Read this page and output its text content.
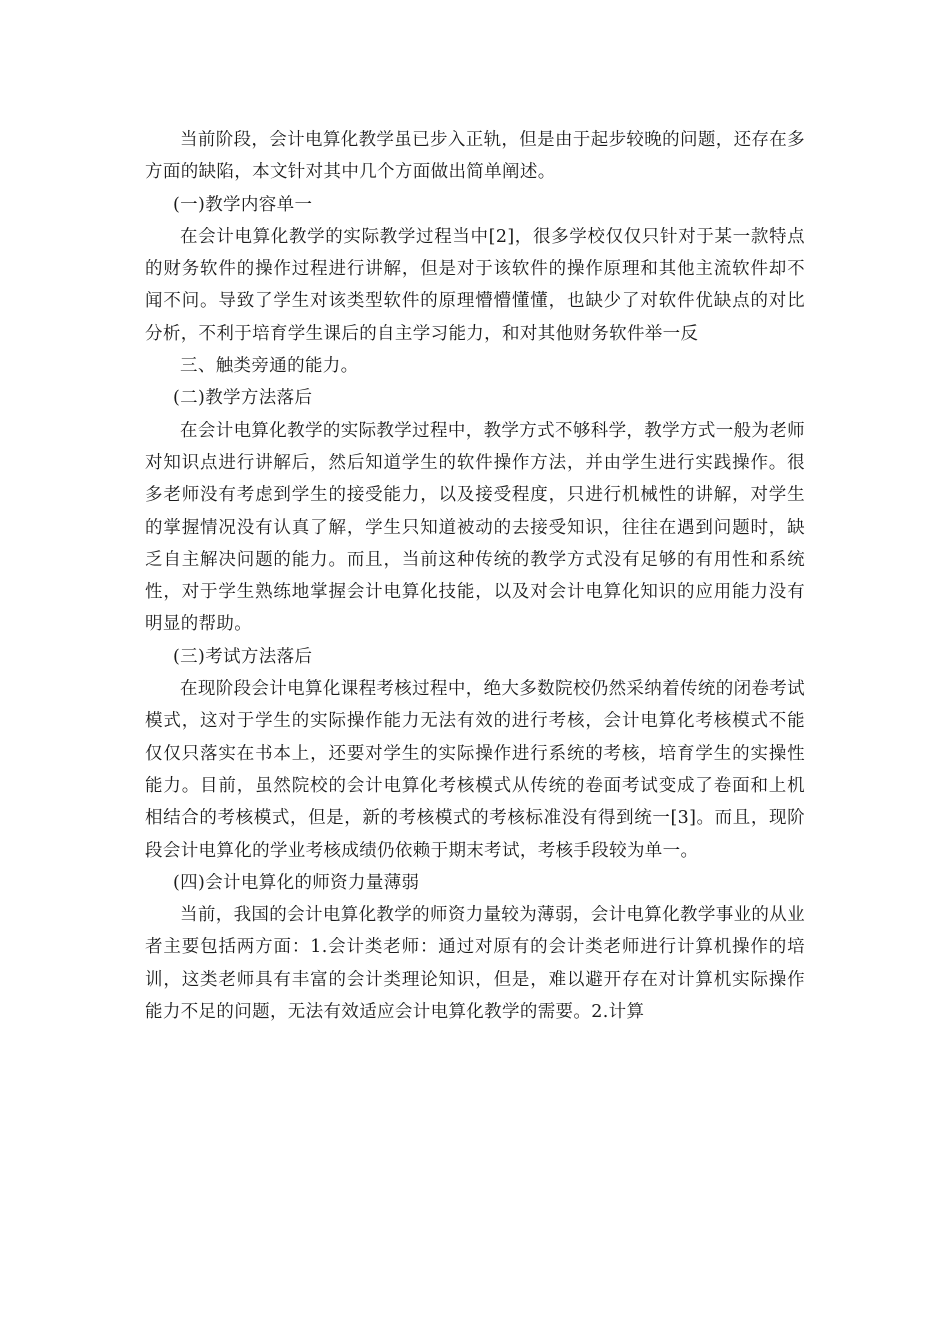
当前阶段，会计电算化教学虽已步入正轨，但是由于起步较晚的问题，还存在多方面的缺陷，本文针对其中几个方面做出简单阐述。

(一)教学内容单一

在会计电算化教学的实际教学过程当中[2]，很多学校仅仅只针对于某一款特点的财务软件的操作过程进行讲解，但是对于该软件的操作原理和其他主流软件却不闻不问。导致了学生对该类型软件的原理懵懵懂懂，也缺少了对软件优缺点的对比分析，不利于培育学生课后的自主学习能力，和对其他财务软件举一反

三、触类旁通的能力。

(二)教学方法落后

在会计电算化教学的实际教学过程中，教学方式不够科学，教学方式一般为老师对知识点进行讲解后，然后知道学生的软件操作方法，并由学生进行实践操作。很多老师没有考虑到学生的接受能力，以及接受程度，只进行机械性的讲解，对学生的掌握情况没有认真了解，学生只知道被动的去接受知识，往往在遇到问题时，缺乏自主解决问题的能力。而且，当前这种传统的教学方式没有足够的有用性和系统性，对于学生熟练地掌握会计电算化技能，以及对会计电算化知识的应用能力没有明显的帮助。

(三)考试方法落后

在现阶段会计电算化课程考核过程中，绝大多数院校仍然采纳着传统的闭卷考试模式，这对于学生的实际操作能力无法有效的进行考核，会计电算化考核模式不能仅仅只落实在书本上，还要对学生的实际操作进行系统的考核，培育学生的实操性能力。目前，虽然院校的会计电算化考核模式从传统的卷面考试变成了卷面和上机相结合的考核模式，但是，新的考核模式的考核标准没有得到统一[3]。而且，现阶段会计电算化的学业考核成绩仍依赖于期末考试，考核手段较为单一。

(四)会计电算化的师资力量薄弱

当前，我国的会计电算化教学的师资力量较为薄弱，会计电算化教学事业的从业者主要包括两方面：1.会计类老师：通过对原有的会计类老师进行计算机操作的培训，这类老师具有丰富的会计类理论知识，但是，难以避开存在对计算机实际操作能力不足的问题，无法有效适应会计电算化教学的需要。2.计算
